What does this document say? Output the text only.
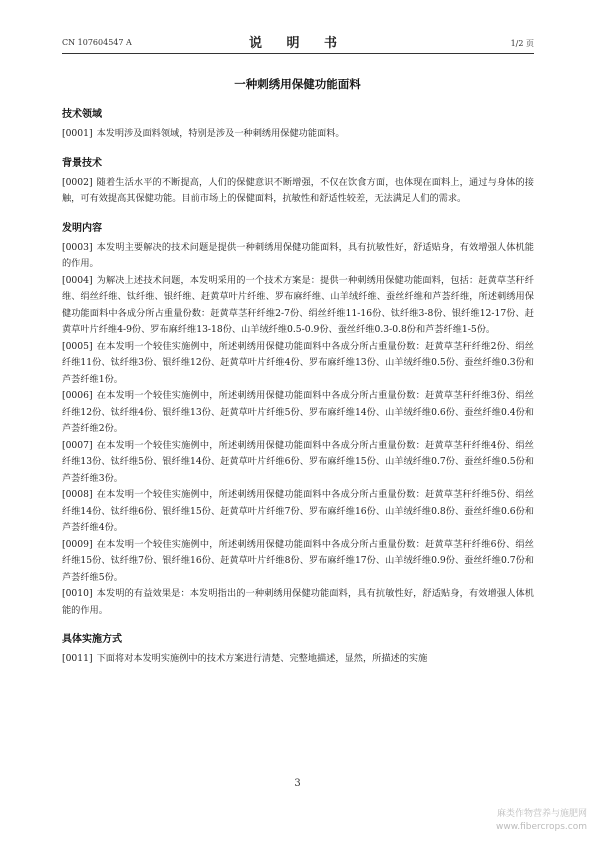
CN 107604547 A	说 明 书	1/2 页
一种刺绣用保健功能面料
技术领域

[0001] 本发明涉及面料领域，特别是涉及一种刺绣用保健功能面料。

背景技术

[0002] 随着生活水平的不断提高，人们的保健意识不断增强，不仅在饮食方面，也体现在面料上，通过与身体的接触，可有效提高其保健功能。目前市场上的保健面料，抗敏性和舒适性较差，无法满足人们的需求。

发明内容

[0003] 本发明主要解决的技术问题是提供一种刺绣用保健功能面料，具有抗敏性好，舒适贴身，有效增强人体机能的作用。

[0004] 为解决上述技术问题，本发明采用的一个技术方案是：提供一种刺绣用保健功能面料，包括：赶黄草茎秆纤维、绢丝纤维、钛纤维、银纤维、赶黄草叶片纤维、罗布麻纤维、山羊绒纤维、蚕丝纤维和芦荟纤维，所述刺绣用保健功能面料中各成分所占重量份数：赶黄草茎秆纤维2-7份、绢丝纤维11-16份、钛纤维3-8份、银纤维12-17份、赶黄草叶片纤维4-9份、罗布麻纤维13-18份、山羊绒纤维0.5-0.9份、蚕丝纤维0.3-0.8份和芦荟纤维1-5份。

[0005] 在本发明一个较佳实施例中，所述刺绣用保健功能面料中各成分所占重量份数：赶黄草茎秆纤维2份、绢丝纤维11份、钛纤维3份、银纤维12份、赶黄草叶片纤维4份、罗布麻纤维13份、山羊绒纤维0.5份、蚕丝纤维0.3份和芦荟纤维1份。

[0006] 在本发明一个较佳实施例中，所述刺绣用保健功能面料中各成分所占重量份数：赶黄草茎秆纤维3份、绢丝纤维12份、钛纤维4份、银纤维13份、赶黄草叶片纤维5份、罗布麻纤维14份、山羊绒纤维0.6份、蚕丝纤维0.4份和芦荟纤维2份。

[0007] 在本发明一个较佳实施例中，所述刺绣用保健功能面料中各成分所占重量份数：赶黄草茎秆纤维4份、绢丝纤维13份、钛纤维5份、银纤维14份、赶黄草叶片纤维6份、罗布麻纤维15份、山羊绒纤维0.7份、蚕丝纤维0.5份和芦荟纤维3份。

[0008] 在本发明一个较佳实施例中，所述刺绣用保健功能面料中各成分所占重量份数：赶黄草茎秆纤维5份、绢丝纤维14份、钛纤维6份、银纤维15份、赶黄草叶片纤维7份、罗布麻纤维16份、山羊绒纤维0.8份、蚕丝纤维0.6份和芦荟纤维4份。

[0009] 在本发明一个较佳实施例中，所述刺绣用保健功能面料中各成分所占重量份数：赶黄草茎秆纤维6份、绢丝纤维15份、钛纤维7份、银纤维16份、赶黄草叶片纤维8份、罗布麻纤维17份、山羊绒纤维0.9份、蚕丝纤维0.7份和芦荟纤维5份。

[0010] 本发明的有益效果是：本发明指出的一种刺绣用保健功能面料，具有抗敏性好，舒适贴身，有效增强人体机能的作用。

具体实施方式

[0011] 下面将对本发明实施例中的技术方案进行清楚、完整地描述，显然，所描述的实施

3
麻类作物营养与施肥网
www.fibercrops.com
